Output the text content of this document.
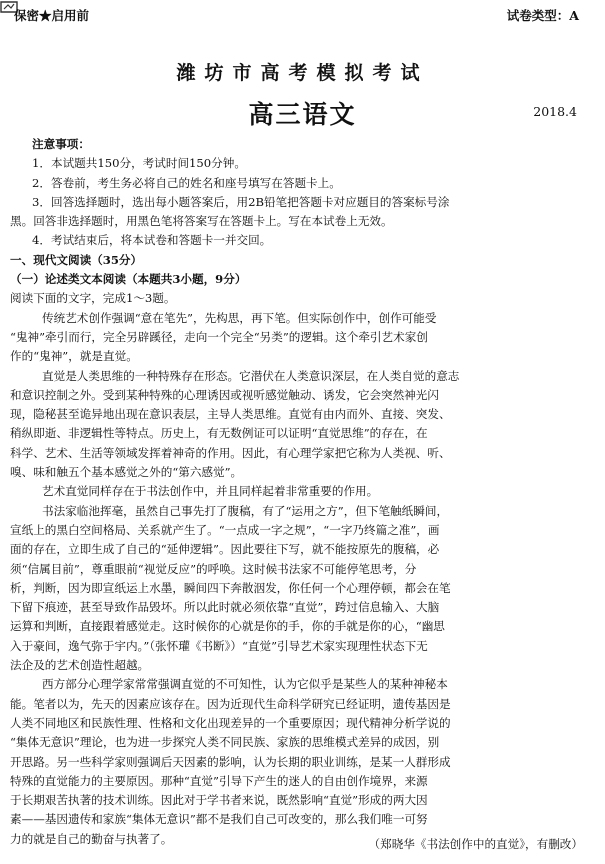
保密★启用前	试卷类型：A
潍坊市高考模拟考试
高三语文	2018.4
注意事项：
1．本试题共150分，考试时间150分钟。
2．答卷前，考生务必将自己的姓名和座号填写在答题卡上。
3．回答选择题时，选出每小题答案后，用2B铅笔把答题卡对应题目的答案标号涂
黑。回答非选择题时，用黑色笔将答案写在答题卡上。写在本试卷上无效。
4．考试结束后，将本试卷和答题卡一并交回。
一、现代文阅读（35分）
（一）论述类文本阅读（本题共3小题，9分）
阅读下面的文字，完成1～3题。
传统艺术创作强调“意在笔先”，先构思，再下笔。但实际创作中，创作可能受
“鬼神”牵引而行，完全另辟蹊径，走向一个完全“另类”的逻辑。这个牵引艺术家创
作的“鬼神”，就是直觉。
直觉是人类思维的一种特殊存在形态。它潜伏在人类意识深层，在人类自觉的意志
和意识控制之外。受到某种特殊的心理诱因或视听感觉触动、诱发，它会突然神光闪
现，隐秘甚至诡异地出现在意识表层，主导人类思维。直觉有由内而外、直接、突发、
稍纵即逝、非逻辑性等特点。历史上，有无数例证可以证明“直觉思维”的存在，在
科学、艺术、生活等领域发挥着神奇的作用。因此，有心理学家把它称为人类视、听、
嗅、味和触五个基本感觉之外的“第六感觉”。
艺术直觉同样存在于书法创作中，并且同样起着非常重要的作用。
书法家临池挥毫，虽然自己事先打了腹稿，有了“运用之方”，但下笔触纸瞬间，
宣纸上的黑白空间格局、关系就产生了。“一点成一字之规”，“一字乃终篇之准”，画
面的存在，立即生成了自己的“延伸逻辑”。因此要往下写，就不能按原先的腹稿，必
须“信属目前”，尊重眼前“视觉反应”的呼唤。这时候书法家不可能停笔思考，分
析，判断，因为即宣纸运上水墨，瞬间四下奔散洇发，你任何一个心理停顿，都会在笔
下留下痕迹，甚至导致作品毁坏。所以此时就必须依靠“直觉”，跨过信息输入、大脑
运算和判断，直接跟着感觉走。这时候你的心就是你的手，你的手就是你的心，“幽思
入于豪间，逸气弥于宇内。”（张怀瓘《书断》）“直觉”引导艺术家实现理性状态下无
法企及的艺术创造性超越。
西方部分心理学家常常强调直觉的不可知性，认为它似乎是某些人的某种神秘本
能。笔者以为，先天的因素应该存在。因为近现代生命科学研究已经证明，遗传基因是
人类不同地区和民族性理、性格和文化出现差异的一个重要原因；现代精神分析学说的
“集体无意识”理论，也为进一步探究人类不同民族、家族的思维模式差异的成因，别
开思路。另一些科学家则强调后天因素的影响，认为长期的职业训练，是某一人群形成
特殊的直觉能力的主要原因。那种“直觉”引导下产生的迷人的自由创作境界，来源
于长期艰苦执著的技术训练。因此对于学书者来说，既然影响“直觉”形成的两大因
素——基因遗传和家族“集体无意识”都不是我们自己可改变的，那么我们唯一可努
力的就是自己的勤奋与执著了。	（郑晓华《书法创作中的直觉》，有删改）
